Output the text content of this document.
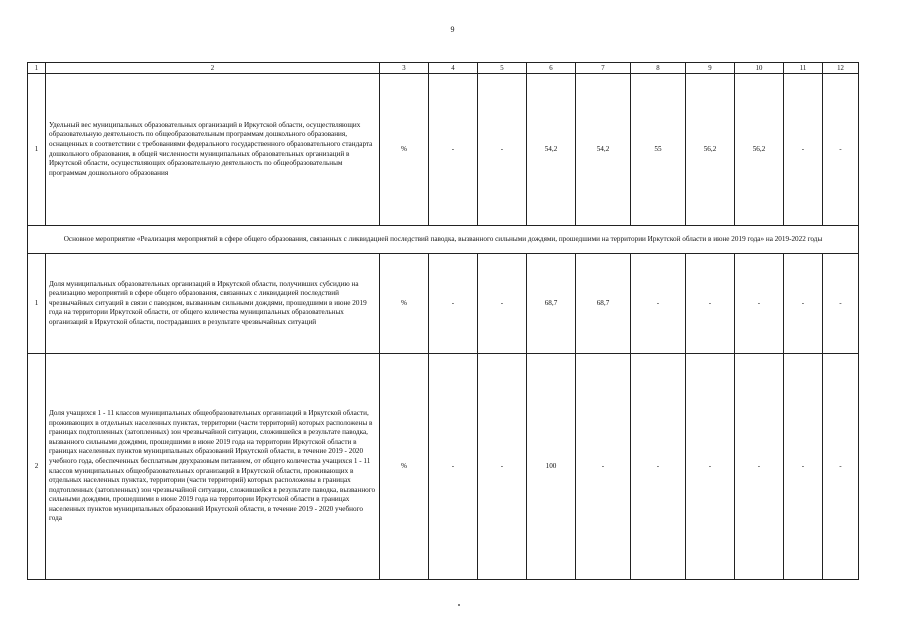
9
1	2	3	4	5	6	7	8	9	10	11	12
1	Удельный вес муниципальных образовательных организаций в Иркутской области, осуществляющих образовательную деятельность по общеобразовательным программам дошкольного образования, оснащенных в соответствии с требованиями федерального государственного образовательного стандарта дошкольного образования, в общей численности муниципальных образовательных организаций в Иркутской области, осуществляющих образовательную деятельность по общеобразовательным программам дошкольного образования	%	-	-	54,2	54,2	55	56,2	56,2	-	-
Основное мероприятие «Реализация мероприятий в сфере общего образования, связанных с ликвидацией последствий паводка, вызванного сильными дождями, прошедшими на территории Иркутской области в июне 2019 года» на 2019-2022 годы											
1	Доля муниципальных образовательных организаций в Иркутской области, получивших субсидию на реализацию мероприятий в сфере общего образования, связанных с ликвидацией последствий чрезвычайных ситуаций в связи с паводком, вызванным сильными дождями, прошедшими в июне 2019 года на территории Иркутской области, от общего количества муниципальных образовательных организаций в Иркутской области, пострадавших в результате чрезвычайных ситуаций	%	-	-	68,7	68,7	-	-	-	-	-
2	Доля учащихся 1 - 11 классов муниципальных общеобразовательных организаций в Иркутской области, проживающих в отдельных населенных пунктах, территории (части территорий) которых расположены в границах подтопленных (затопленных) зон чрезвычайной ситуации, сложившейся в результате паводка, вызванного сильными дождями, прошедшими в июне 2019 года на территории Иркутской области в границах населенных пунктов муниципальных образований Иркутской области, в течение 2019 - 2020 учебного года, обеспеченных бесплатным двухразовым питанием, от общего количества учащихся 1 - 11 классов муниципальных общеобразовательных организаций в Иркутской области, проживающих в отдельных населенных пунктах, территории (части территорий) которых расположены в границах подтопленных (затопленных) зон чрезвычайной ситуации, сложившейся в результате паводка, вызванного сильными дождями, прошедшими в июне 2019 года на территории Иркутской области в границах населенных пунктов муниципальных образований Иркутской области, в течение 2019 - 2020 учебного года	%	-	-	100	-	-	-	-	-	-
